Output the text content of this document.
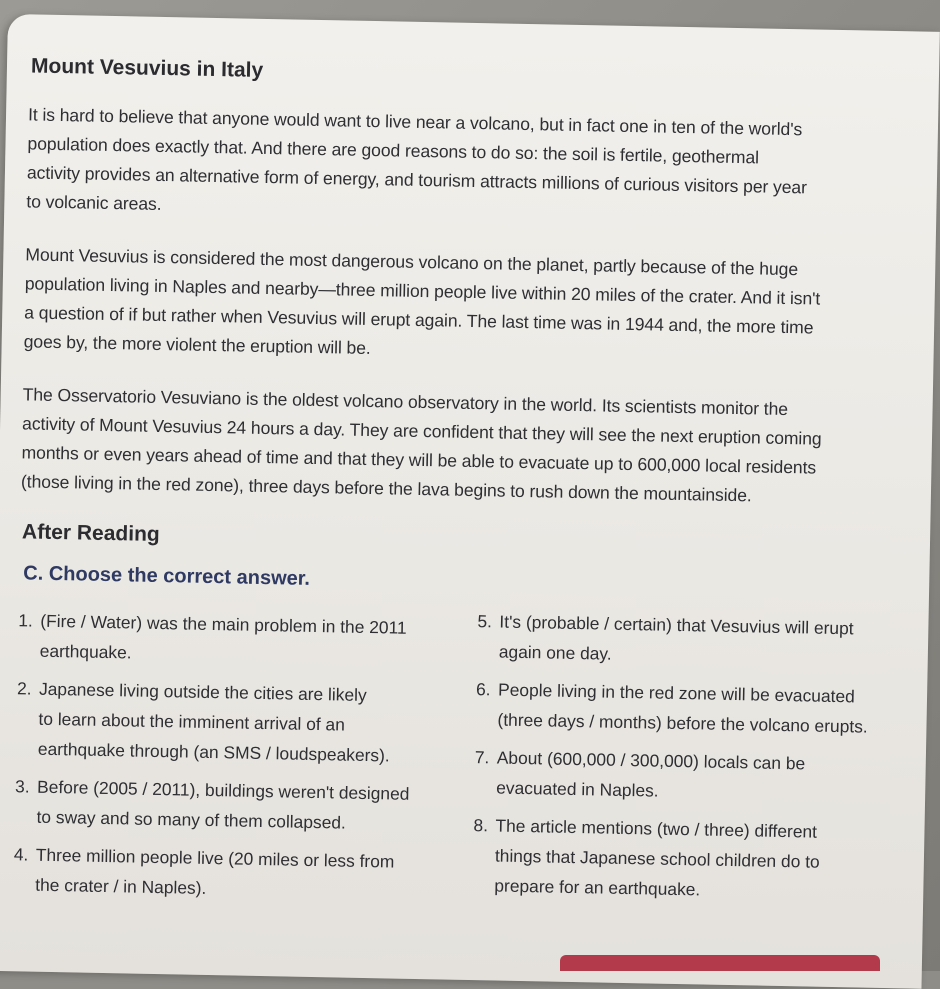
Mount Vesuvius in Italy

It is hard to believe that anyone would want to live near a volcano, but in fact one in ten of the world's
population does exactly that. And there are good reasons to do so: the soil is fertile, geothermal
activity provides an alternative form of energy, and tourism attracts millions of curious visitors per year
to volcanic areas.

Mount Vesuvius is considered the most dangerous volcano on the planet, partly because of the huge
population living in Naples and nearby—three million people live within 20 miles of the crater. And it isn't
a question of if but rather when Vesuvius will erupt again. The last time was in 1944 and, the more time
goes by, the more violent the eruption will be.

The Osservatorio Vesuviano is the oldest volcano observatory in the world. Its scientists monitor the
activity of Mount Vesuvius 24 hours a day. They are confident that they will see the next eruption coming
months or even years ahead of time and that they will be able to evacuate up to 600,000 local residents
(those living in the red zone), three days before the lava begins to rush down the mountainside.

After Reading
C. Choose the correct answer.
1. (Fire / Water) was the main problem in the 2011
earthquake.
2. Japanese living outside the cities are likely
to learn about the imminent arrival of an
earthquake through (an SMS / loudspeakers).
3. Before (2005 / 2011), buildings weren't designed
to sway and so many of them collapsed.
4. Three million people live (20 miles or less from
the crater / in Naples).
5. It's (probable / certain) that Vesuvius will erupt
again one day.
6. People living in the red zone will be evacuated
(three days / months) before the volcano erupts.
7. About (600,000 / 300,000) locals can be
evacuated in Naples.
8. The article mentions (two / three) different
things that Japanese school children do to
prepare for an earthquake.
